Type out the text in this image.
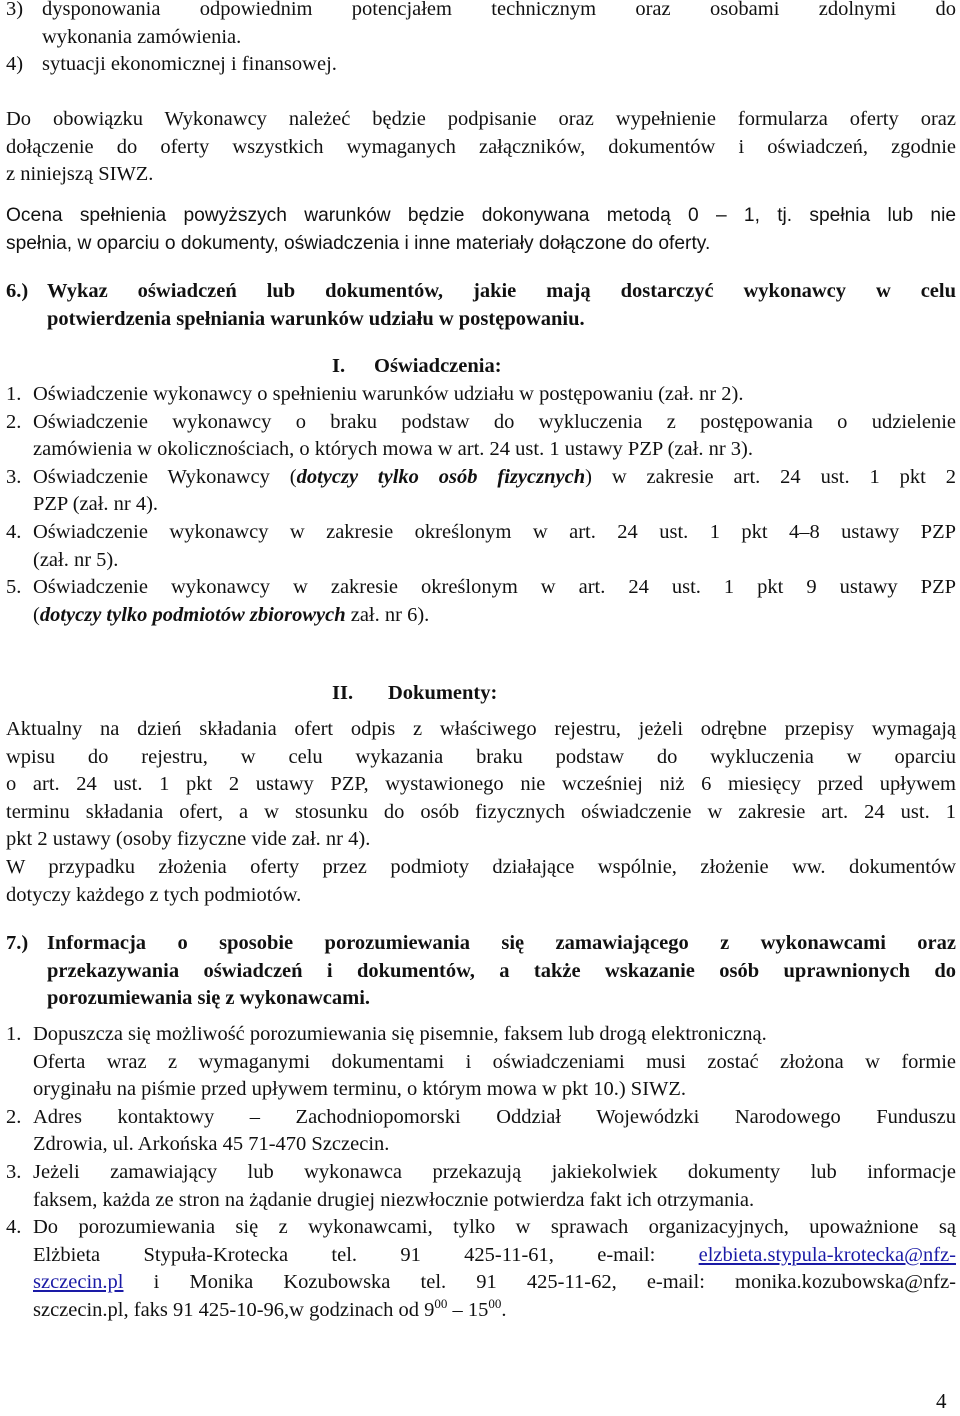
3) dysponowania odpowiednim potencjałem technicznym oraz osobami zdolnymi do

wykonania zamówienia.

4) sytuacji ekonomicznej i finansowej.

Do obowiązku Wykonawcy należeć będzie podpisanie oraz wypełnienie formularza oferty oraz

dołączenie do oferty wszystkich wymaganych załączników, dokumentów i oświadczeń, zgodnie

z niniejszą SIWZ.

Ocena spełnienia powyższych warunków będzie dokonywana metodą 0 – 1, tj. spełnia lub nie

spełnia, w oparciu o dokumenty, oświadczenia i inne materiały dołączone do oferty.

6.) Wykaz oświadczeń lub dokumentów, jakie mają dostarczyć wykonawcy w celu

potwierdzenia spełniania warunków udziału w postępowaniu.

I. Oświadczenia:
1. Oświadczenie wykonawcy o spełnieniu warunków udziału w postępowaniu (zał. nr 2).

2. Oświadczenie wykonawcy o braku podstaw do wykluczenia z postępowania o udzielenie

zamówienia w okolicznościach, o których mowa w art. 24 ust. 1 ustawy PZP (zał. nr 3).

3. Oświadczenie Wykonawcy (dotyczy tylko osób fizycznych) w zakresie art. 24 ust. 1 pkt 2

PZP (zał. nr 4).

4. Oświadczenie wykonawcy w zakresie określonym w art. 24 ust. 1 pkt 4–8 ustawy PZP

(zał. nr 5).

5. Oświadczenie wykonawcy w zakresie określonym w art. 24 ust. 1 pkt 9 ustawy PZP

(dotyczy tylko podmiotów zbiorowych zał. nr 6).

II. Dokumenty:

Aktualny na dzień składania ofert odpis z właściwego rejestru, jeżeli odrębne przepisy wymagają

wpisu do rejestru, w celu wykazania braku podstaw do wykluczenia w oparciu

o art. 24 ust. 1 pkt 2 ustawy PZP, wystawionego nie wcześniej niż 6 miesięcy przed upływem

terminu składania ofert, a w stosunku do osób fizycznych oświadczenie w zakresie art. 24 ust. 1

pkt 2 ustawy (osoby fizyczne vide zał. nr 4).

W przypadku złożenia oferty przez podmioty działające wspólnie, złożenie ww. dokumentów

dotyczy każdego z tych podmiotów.

7.) Informacja o sposobie porozumiewania się zamawiającego z wykonawcami oraz

przekazywania oświadczeń i dokumentów, a także wskazanie osób uprawnionych do

porozumiewania się z wykonawcami.

1. Dopuszcza się możliwość porozumiewania się pisemnie, faksem lub drogą elektroniczną.

Oferta wraz z wymaganymi dokumentami i oświadczeniami musi zostać złożona w formie

oryginału na piśmie przed upływem terminu, o którym mowa w pkt 10.) SIWZ.

2. Adres kontaktowy – Zachodniopomorski Oddział Wojewódzki Narodowego Funduszu

Zdrowia, ul. Arkońska 45 71-470 Szczecin.

3. Jeżeli zamawiający lub wykonawca przekazują jakiekolwiek dokumenty lub informacje

faksem, każda ze stron na żądanie drugiej niezwłocznie potwierdza fakt ich otrzymania.

4. Do porozumiewania się z wykonawcami, tylko w sprawach organizacyjnych, upoważnione są

Elżbieta Stypuła-Krotecka tel. 91 425-11-61, e-mail: elzbieta.stypula-krotecka@nfz-

szczecin.pl i Monika Kozubowska tel. 91 425-11-62, e-mail: monika.kozubowska@nfz-

szczecin.pl, faks 91 425-10-96,w godzinach od $9^{00} - 15^{00}$.

4
